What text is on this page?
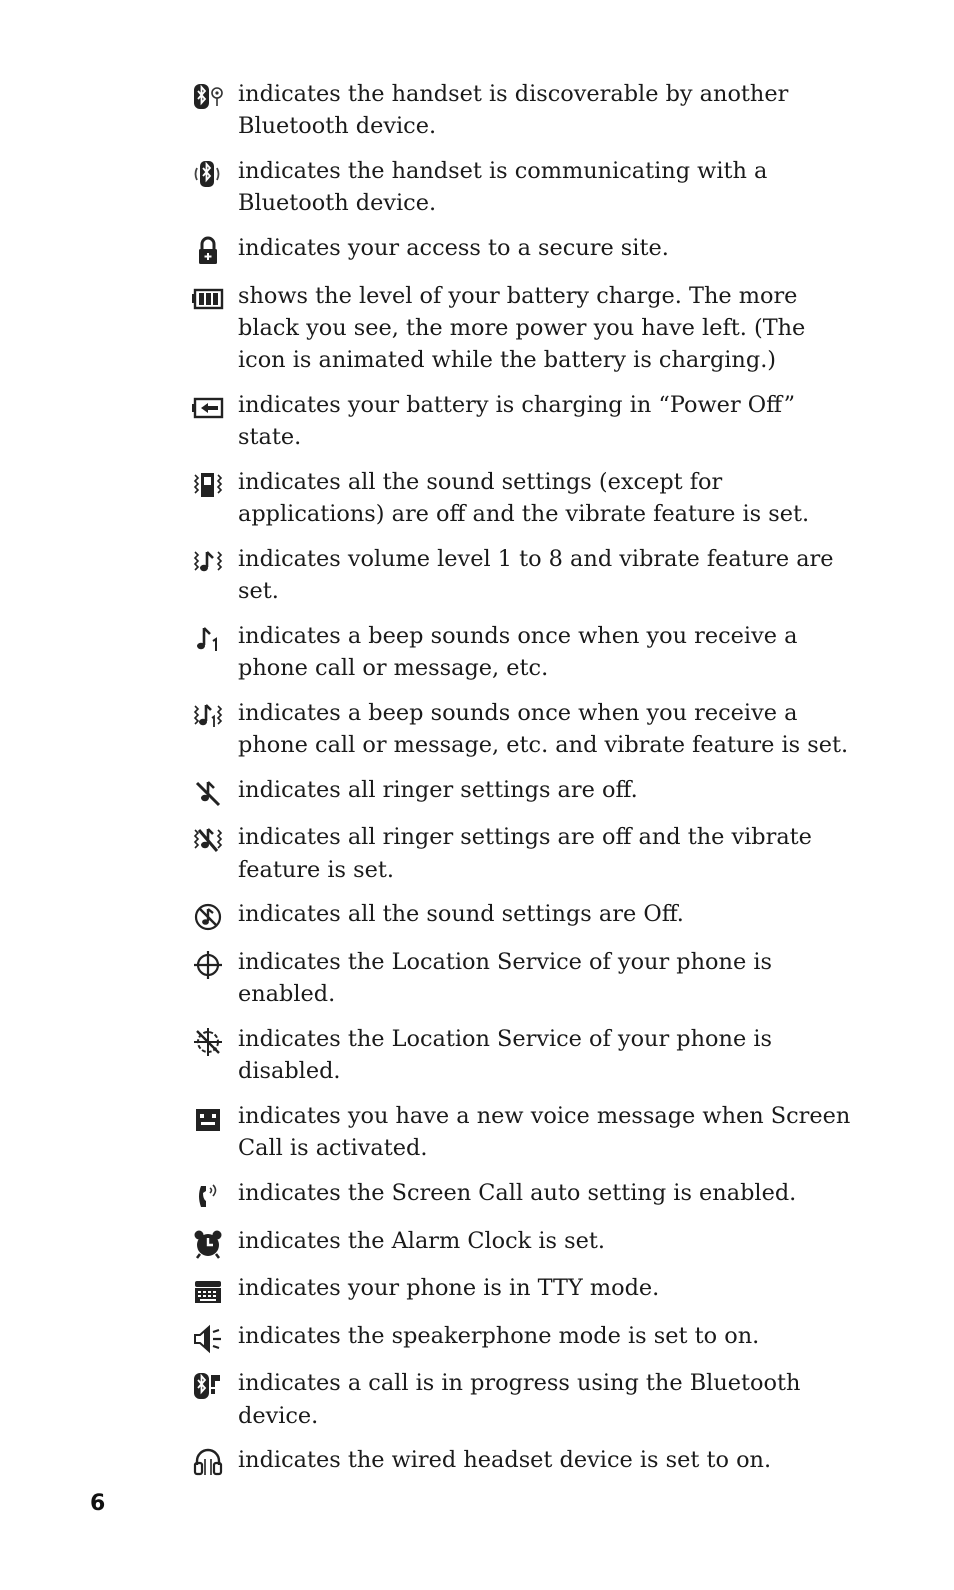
indicates the handset is discoverable by another Bluetooth device.
indicates the handset is communicating with a Bluetooth device.
indicates your access to a secure site.
shows the level of your battery charge. The more black you see, the more power you have left. (The icon is animated while the battery is charging.)
indicates your battery is charging in “Power Off” state.
indicates all the sound settings (except for applications) are off and the vibrate feature is set.
indicates volume level 1 to 8 and vibrate feature are set.
indicates a beep sounds once when you receive a phone call or message, etc.
indicates a beep sounds once when you receive a phone call or message, etc. and vibrate feature is set.
indicates all ringer settings are off.
indicates all ringer settings are off and the vibrate feature is set.
indicates all the sound settings are Off.
indicates the Location Service of your phone is enabled.
indicates the Location Service of your phone is disabled.
indicates you have a new voice message when Screen Call is activated.
indicates the Screen Call auto setting is enabled.
indicates the Alarm Clock is set.
indicates your phone is in TTY mode.
indicates the speakerphone mode is set to on.
indicates a call is in progress using the Bluetooth device.
indicates the wired headset device is set to on.
6
